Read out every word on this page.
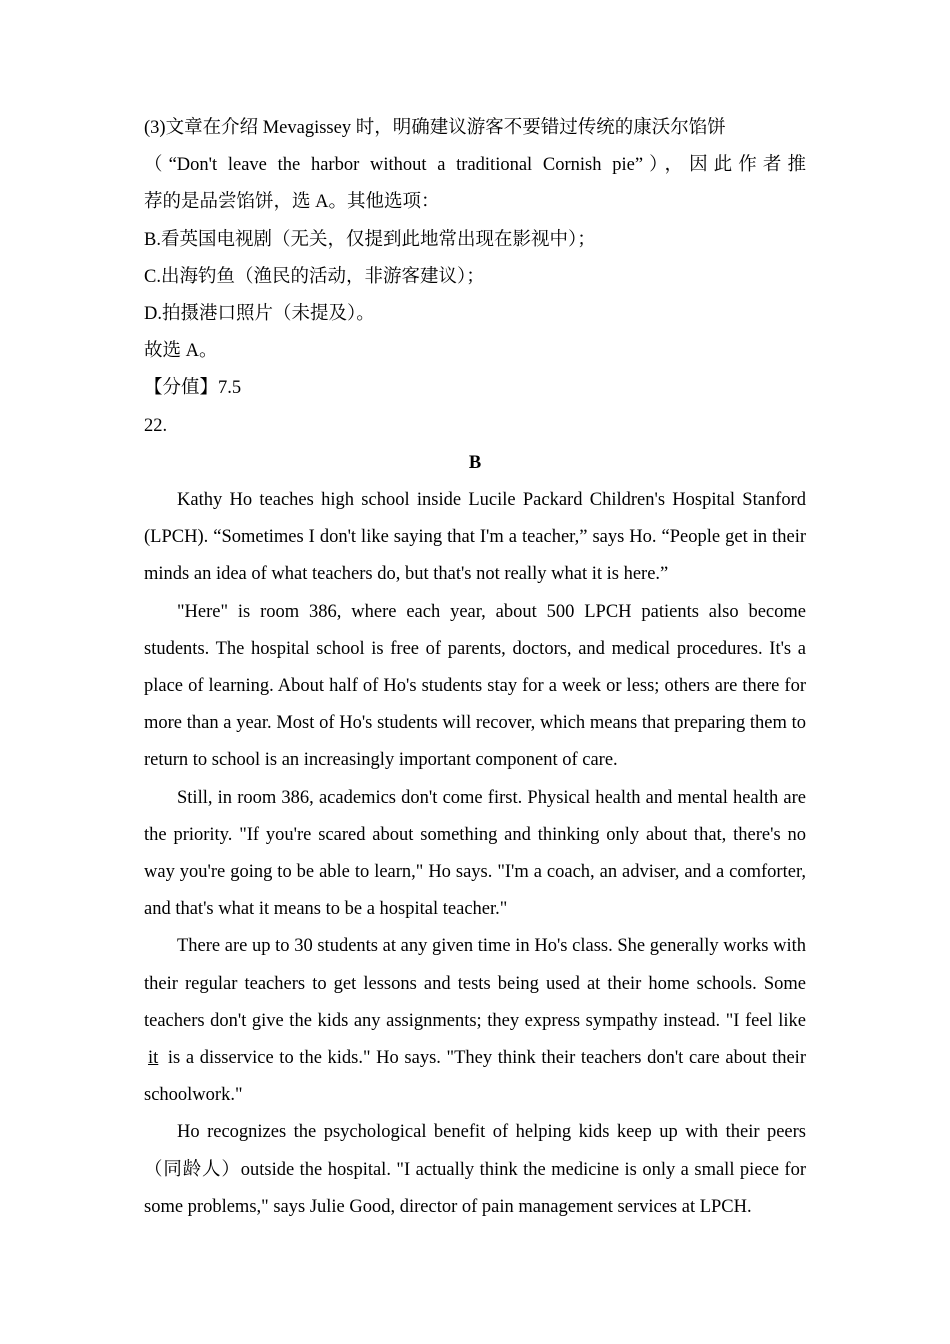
(3)文章在介绍 Mevagissey 时，明确建议游客不要错过传统的康沃尔馅饼
（“Don't leave the harbor without a traditional Cornish pie”），因此作者推
荐的是品尝馅饼，选 A。其他选项：
B.看英国电视剧（无关，仅提到此地常出现在影视中）；
C.出海钓鱼（渔民的活动，非游客建议）；
D.拍摄港口照片（未提及）。
故选 A。
【分值】7.5
22.
B

Kathy Ho teaches high school inside Lucile Packard Children's Hospital Stanford (LPCH). “Sometimes I don't like saying that I'm a teacher,” says Ho. “People get in their minds an idea of what teachers do, but that's not really what it is here.”

"Here" is room 386, where each year, about 500 LPCH patients also become students. The hospital school is free of parents, doctors, and medical procedures. It's a place of learning. About half of Ho's students stay for a week or less; others are there for more than a year. Most of Ho's students will recover, which means that preparing them to return to school is an increasingly important component of care.

Still, in room 386, academics don't come first. Physical health and mental health are the priority. "If you're scared about something and thinking only about that, there's no way you're going to be able to learn," Ho says. "I'm a coach, an adviser, and a comforter, and that's what it means to be a hospital teacher."

There are up to 30 students at any given time in Ho's class. She generally works with their regular teachers to get lessons and tests being used at their home schools. Some teachers don't give the kids any assignments; they express sympathy instead. "I feel like it is a disservice to the kids." Ho says. "They think their teachers don't care about their schoolwork."

Ho recognizes the psychological benefit of helping kids keep up with their peers（同龄人）outside the hospital. "I actually think the medicine is only a small piece for some problems," says Julie Good, director of pain management services at LPCH.
